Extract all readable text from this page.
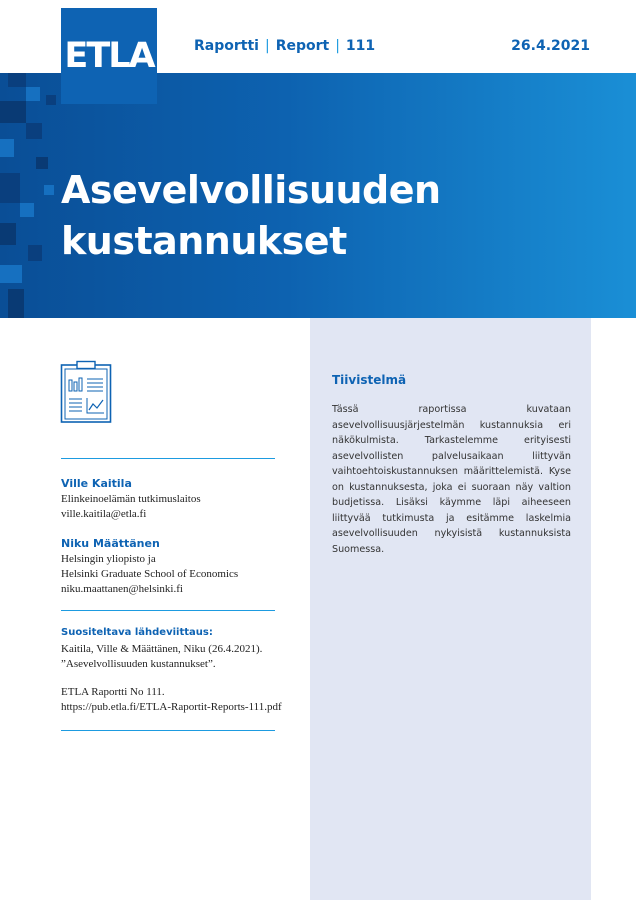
ETLA	Raportti | Report | 111	26.4.2021
Asevelvollisuuden
kustannukset

Ville Kaitila

Elinkeinoelämän tutkimuslaitos

ville.kaitila@etla.fi

Niku Määttänen

Helsingin yliopisto ja

Helsinki Graduate School of Economics

niku.maattanen@helsinki.fi

Suositeltava lähdeviittaus:

Kaitila, Ville & Määttänen, Niku (26.4.2021).

”Asevelvollisuuden kustannukset”.

ETLA Raportti No 111.

https://pub.etla.fi/ETLA-Raportit-Reports-111.pdf

Tiivistelmä

Tässä raportissa kuvataan asevelvollisuusjärjestelmän kustannuksia eri näkökulmista. Tarkastelemme erityisesti asevelvollisten palvelusaikaan liittyvän vaihtoehtoiskustannuksen määrittelemistä. Kyse on kustannuksesta, joka ei suoraan näy valtion budjetissa. Lisäksi käymme läpi aiheeseen liittyvää tutkimusta ja esitämme laskelmia asevelvollisuuden nykyisistä kustannuksista Suomessa.
